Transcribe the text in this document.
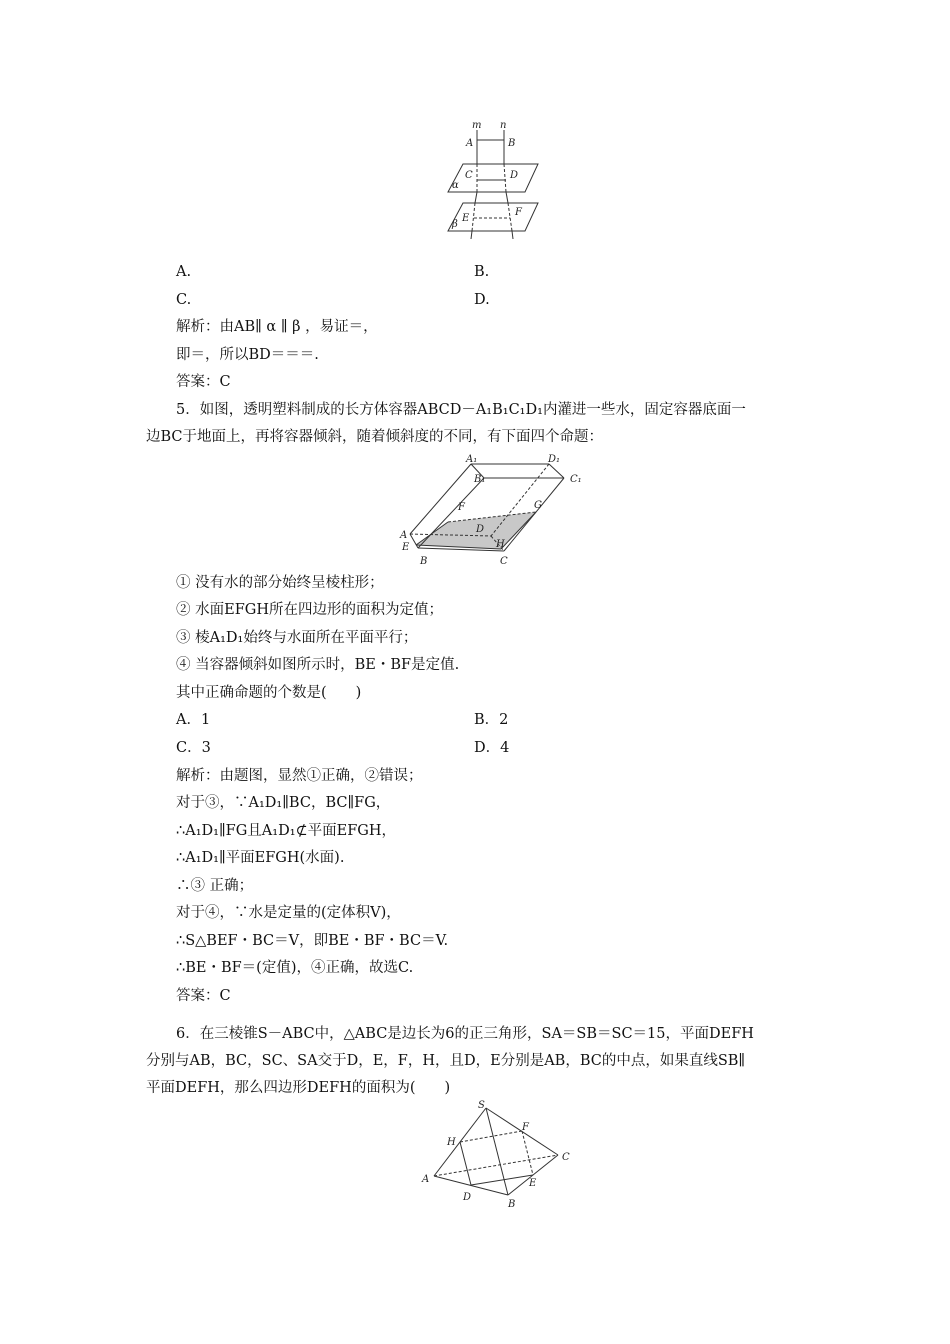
m n
A	B
C	D
α
β
E
F
A.	B.
C.	D.
解析：由AB∥ α ∥ β ，易证＝，
即＝，所以BD＝＝＝.
答案：C
5．如图，透明塑料制成的长方体容器ABCD－A₁B₁C₁D₁内灌进一些水，固定容器底面一
边BC于地面上，再将容器倾斜，随着倾斜度的不同，有下面四个命题：
A₁	D₁
B₁	C₁
F	G
D
A
E	H
B	C
① 没有水的部分始终呈棱柱形；
② 水面EFGH所在四边形的面积为定值；
③ 棱A₁D₁始终与水面所在平面平行；
④ 当容器倾斜如图所示时，BE・BF是定值.
其中正确命题的个数是(　　)
A．1	B．2
C．3	D．4
解析：由题图，显然①正确，②错误；
对于③，∵A₁D₁∥BC，BC∥FG，
∴A₁D₁∥FG且A₁D₁⊄平面EFGH，
∴A₁D₁∥平面EFGH(水面).
∴③ 正确；
对于④，∵水是定量的(定体积V)，
∴S△BEF・BC＝V，即BE・BF・BC＝V.
∴BE・BF＝(定值)，④正确，故选C.
答案：C
6．在三棱锥S－ABC中，△ABC是边长为6的正三角形，SA＝SB＝SC＝15，平面DEFH
分别与AB，BC，SC、SA交于D，E，F，H，且D，E分别是AB，BC的中点，如果直线SB∥
平面DEFH，那么四边形DEFH的面积为(　　)
S
H
F
C
A
D
E
B
